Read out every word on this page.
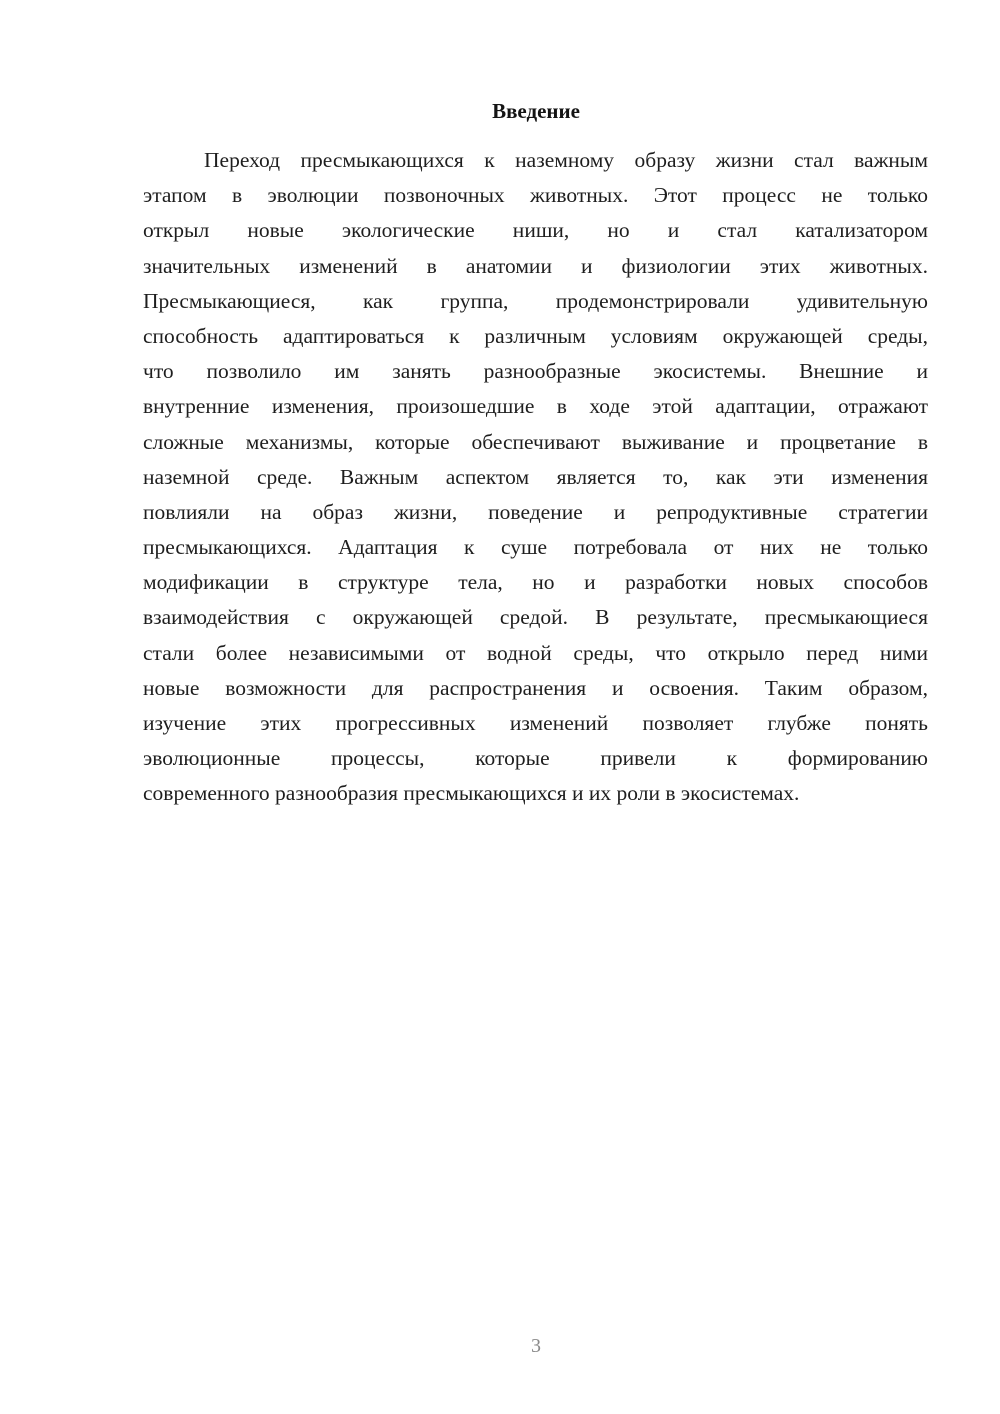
Введение
Переход пресмыкающихся к наземному образу жизни стал важным
этапом в эволюции позвоночных животных. Этот процесс не только
открыл новые экологические ниши, но и стал катализатором
значительных изменений в анатомии и физиологии этих животных.
Пресмыкающиеся, как группа, продемонстрировали удивительную
способность адаптироваться к различным условиям окружающей среды,
что позволило им занять разнообразные экосистемы. Внешние и
внутренние изменения, произошедшие в ходе этой адаптации, отражают
сложные механизмы, которые обеспечивают выживание и процветание в
наземной среде. Важным аспектом является то, как эти изменения
повлияли на образ жизни, поведение и репродуктивные стратегии
пресмыкающихся. Адаптация к суше потребовала от них не только
модификации в структуре тела, но и разработки новых способов
взаимодействия с окружающей средой. В результате, пресмыкающиеся
стали более независимыми от водной среды, что открыло перед ними
новые возможности для распространения и освоения. Таким образом,
изучение этих прогрессивных изменений позволяет глубже понять
эволюционные процессы, которые привели к формированию
современного разнообразия пресмыкающихся и их роли в экосистемах.
3
